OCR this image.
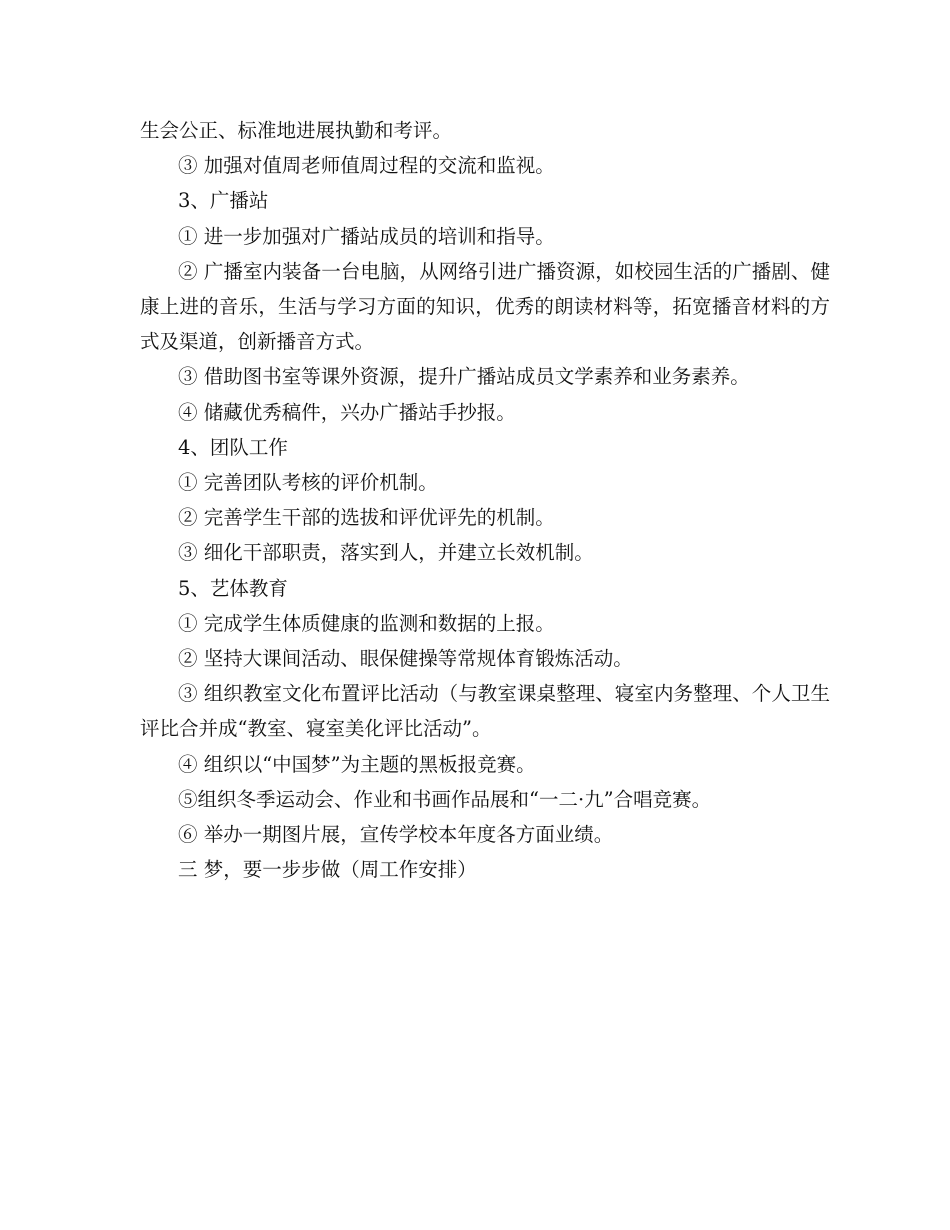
生会公正、标准地进展执勤和考评。

③ 加强对值周老师值周过程的交流和监视。

3、广播站

① 进一步加强对广播站成员的培训和指导。

② 广播室内装备一台电脑，从网络引进广播资源，如校园生活的广播剧、健康上进的音乐，生活与学习方面的知识，优秀的朗读材料等，拓宽播音材料的方式及渠道，创新播音方式。

③ 借助图书室等课外资源，提升广播站成员文学素养和业务素养。

④ 储藏优秀稿件，兴办广播站手抄报。

4、团队工作

① 完善团队考核的评价机制。

② 完善学生干部的选拔和评优评先的机制。

③ 细化干部职责，落实到人，并建立长效机制。

5、艺体教育

① 完成学生体质健康的监测和数据的上报。

② 坚持大课间活动、眼保健操等常规体育锻炼活动。

③ 组织教室文化布置评比活动（与教室课桌整理、寝室内务整理、个人卫生评比合并成“教室、寝室美化评比活动”。

④ 组织以“中国梦”为主题的黑板报竞赛。

⑤组织冬季运动会、作业和书画作品展和“一二·九”合唱竞赛。

⑥ 举办一期图片展，宣传学校本年度各方面业绩。

三 梦，要一步步做（周工作安排）
